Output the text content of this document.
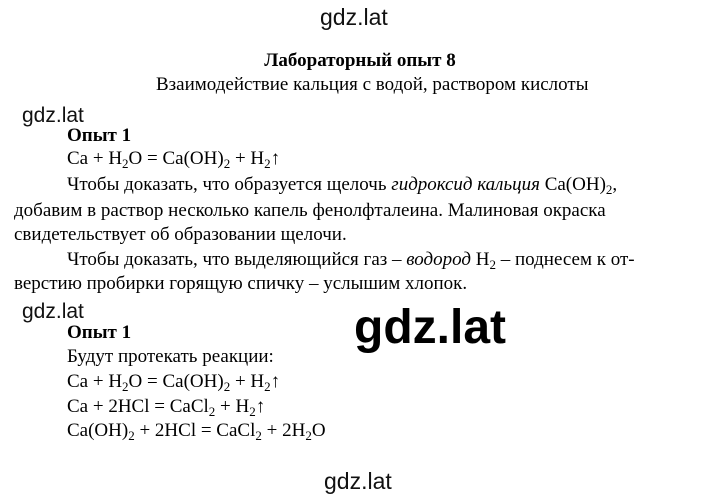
gdz.lat
gdz.lat
gdz.lat	gdz.lat
gdz.lat
Лабораторный опыт 8
Взаимодействие кальция с водой, раствором кислоты
Опыт 1
$Ca + H_2O = Ca(OH)_2$ + $H_2↑$
Чтобы доказать, что образуется щелочь гидроксид кальция $Ca(OH)_2$,
добавим в раствор несколько капель фенолфталеина. Малиновая окраска
свидетельствует об образовании щелочи.
Чтобы доказать, что выделяющийся газ – водород $H_2$ – поднесем к от-
верстию пробирки горящую спичку – услышим хлопок.
Опыт 1
Будут протекать реакции:
$Ca + H_2O = Ca(OH)_2$ + $H_2↑$
Ca + 2HCl = CaCl$_2$ + $H_2↑$
$Ca(OH)_2 + 2HCl$ = CaCl$_2$ + $2H_2O$
